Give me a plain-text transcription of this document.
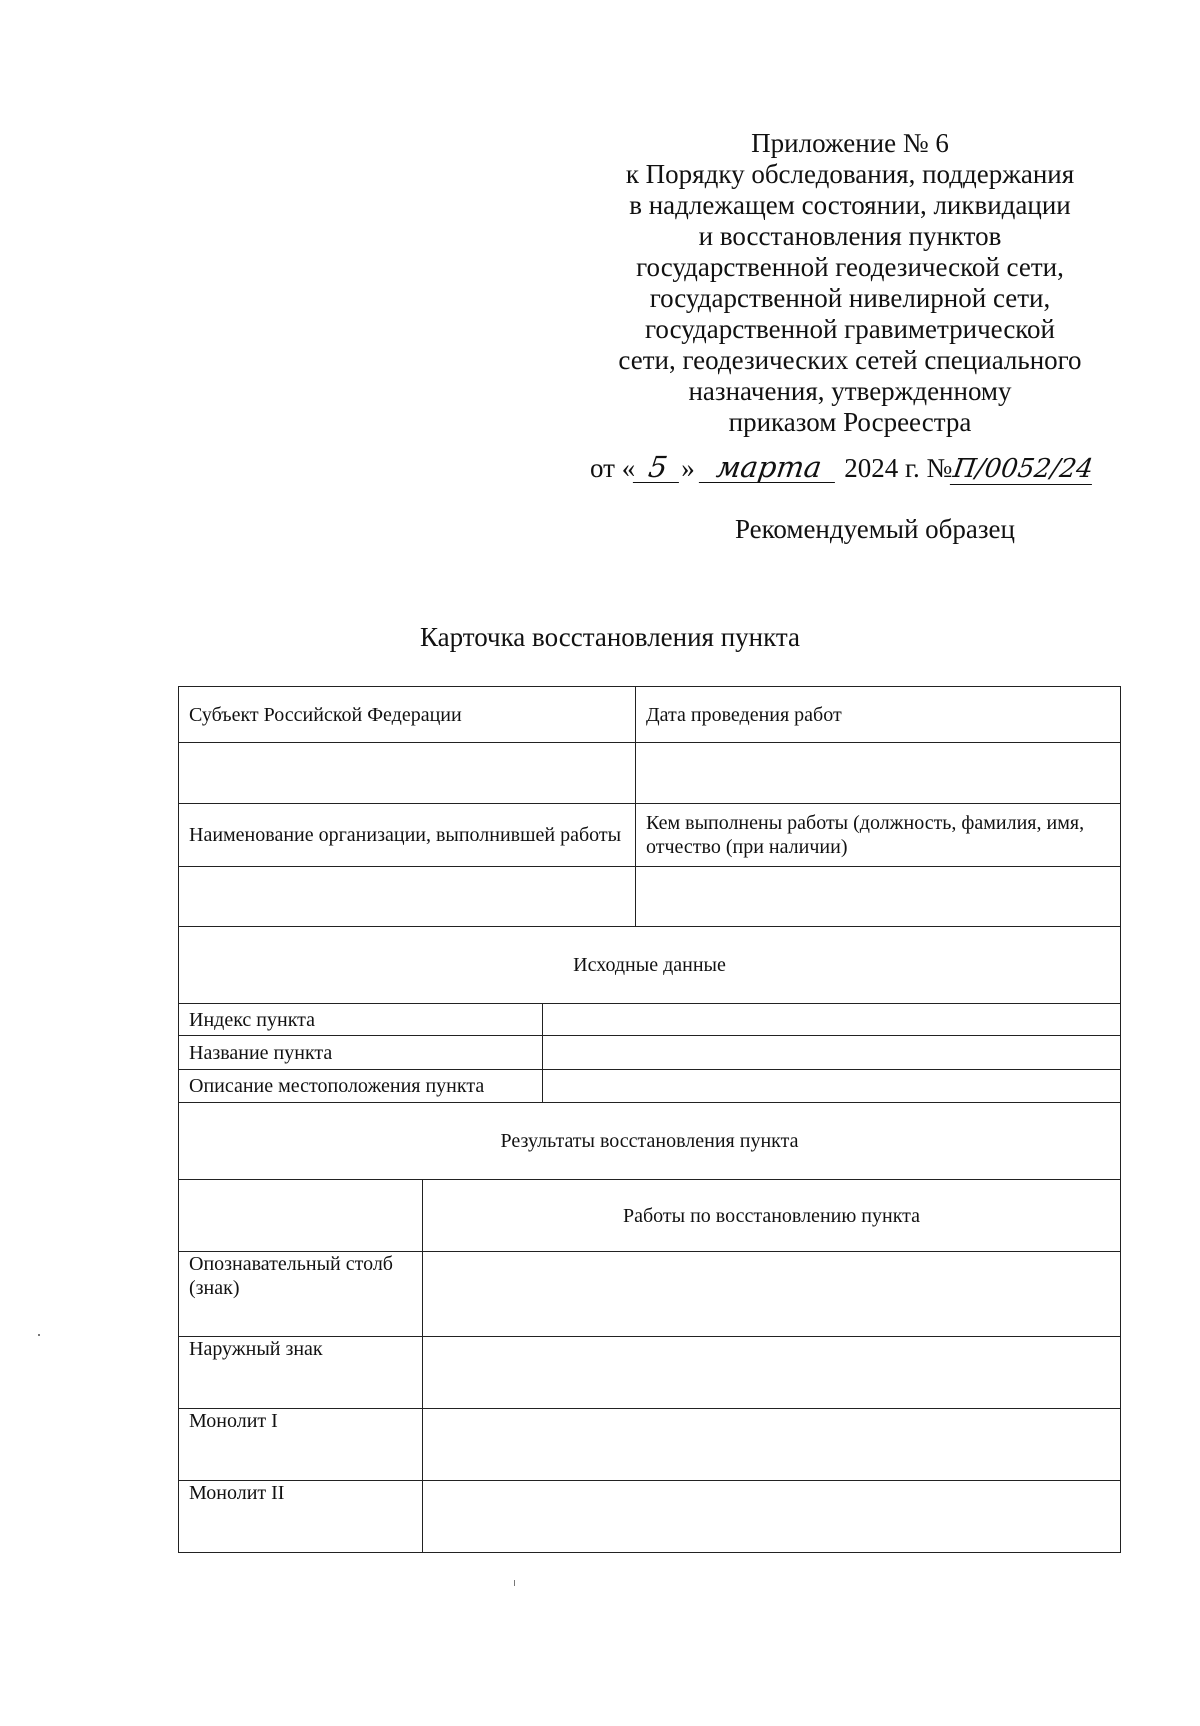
Приложение № 6
к Порядку обследования, поддержания
в надлежащем состоянии, ликвидации
и восстановления пунктов
государственной геодезической сети,
государственной нивелирной сети,
государственной гравиметрической
сети, геодезических сетей специального
назначения, утвержденному
приказом Росреестра
от « 5 » марта 2024 г. №П/0052/24
Рекомендуемый образец
Карточка восстановления пункта
Субъект Российской Федерации			Дата проведения работ

Наименование организации, выполнившей работы			Кем выполнены работы (должность, фамилия, имя, отчество (при наличии)

Исходные данные			
Индекс пункта			
Название пункта			
Описание местоположения пункта			
Результаты восстановления пункта			
	Работы по восстановлению пункта		
Опознавательный столб (знак)			
Наружный знак			
Монолит I			
Монолит II			
